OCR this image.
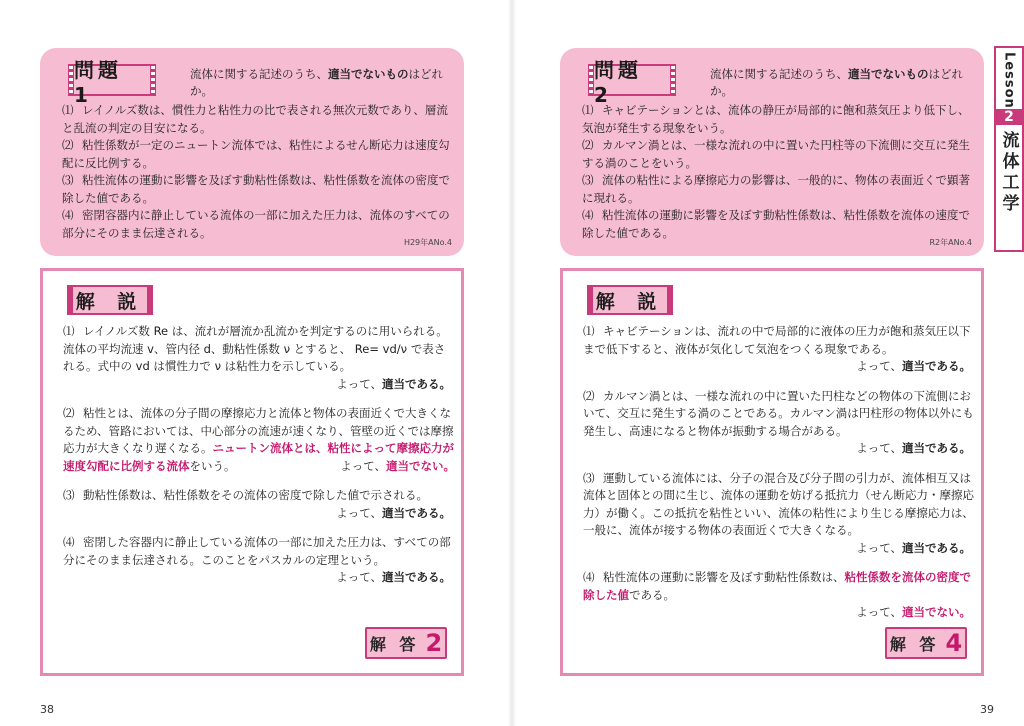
問題 1
流体に関する記述のうち、適当でないものはどれか。
⑴ レイノルズ数は、慣性力と粘性力の比で表される無次元数であり、層流と乱流の判定の目安になる。
⑵ 粘性係数が一定のニュートン流体では、粘性によるせん断応力は速度勾配に反比例する。
⑶ 粘性流体の運動に影響を及ぼす動粘性係数は、粘性係数を流体の密度で除した値である。
⑷ 密閉容器内に静止している流体の一部に加えた圧力は、流体のすべての部分にそのまま伝達される。
H29年ANo.4
解 説
⑴ レイノルズ数 Re は、流れが層流か乱流かを判定するのに用いられる。流体の平均流速 v、管内径 d、動粘性係数 ν とすると、 Re= vd/ν で表される。式中の vd は慣性力で ν は粘性力を示している。
よって、適当である。
⑵ 粘性とは、流体の分子間の摩擦応力と流体と物体の表面近くで大きくなるため、管路においては、中心部分の流速が速くなり、管壁の近くでは摩擦応力が大きくなり遅くなる。ニュートン流体とは、粘性によって摩擦応力が速度勾配に比例する流体をいう。	よって、適当でない。
⑶ 動粘性係数は、粘性係数をその流体の密度で除した値で示される。
よって、適当である。
⑷ 密閉した容器内に静止している流体の一部に加えた圧力は、すべての部分にそのまま伝達される。このことをパスカルの定理という。
よって、適当である。
解 答 2
38
問題 2
流体に関する記述のうち、適当でないものはどれか。
⑴ キャビテーションとは、流体の静圧が局部的に飽和蒸気圧より低下し、気泡が発生する現象をいう。
⑵ カルマン渦とは、一様な流れの中に置いた円柱等の下流側に交互に発生する渦のことをいう。
⑶ 流体の粘性による摩擦応力の影響は、一般的に、物体の表面近くで顕著に現れる。
⑷ 粘性流体の運動に影響を及ぼす動粘性係数は、粘性係数を流体の速度で除した値である。
R2年ANo.4
解 説
⑴ キャビテーションは、流れの中で局部的に液体の圧力が飽和蒸気圧以下まで低下すると、液体が気化して気泡をつくる現象である。
よって、適当である。
⑵ カルマン渦とは、一様な流れの中に置いた円柱などの物体の下流側において、交互に発生する渦のことである。カルマン渦は円柱形の物体以外にも発生し、高速になると物体が振動する場合がある。
よって、適当である。
⑶ 運動している流体には、分子の混合及び分子間の引力が、流体相互又は流体と固体との間に生じ、流体の運動を妨げる抵抗力（せん断応力・摩擦応力）が働く。この抵抗を粘性といい、流体の粘性により生じる摩擦応力は、一般に、流体が接する物体の表面近くで大きくなる。
よって、適当である。
⑷ 粘性流体の運動に影響を及ぼす動粘性係数は、粘性係数を流体の密度で除した値である。
よって、適当でない。
解 答 4
Lesson
2
流体工学
39
